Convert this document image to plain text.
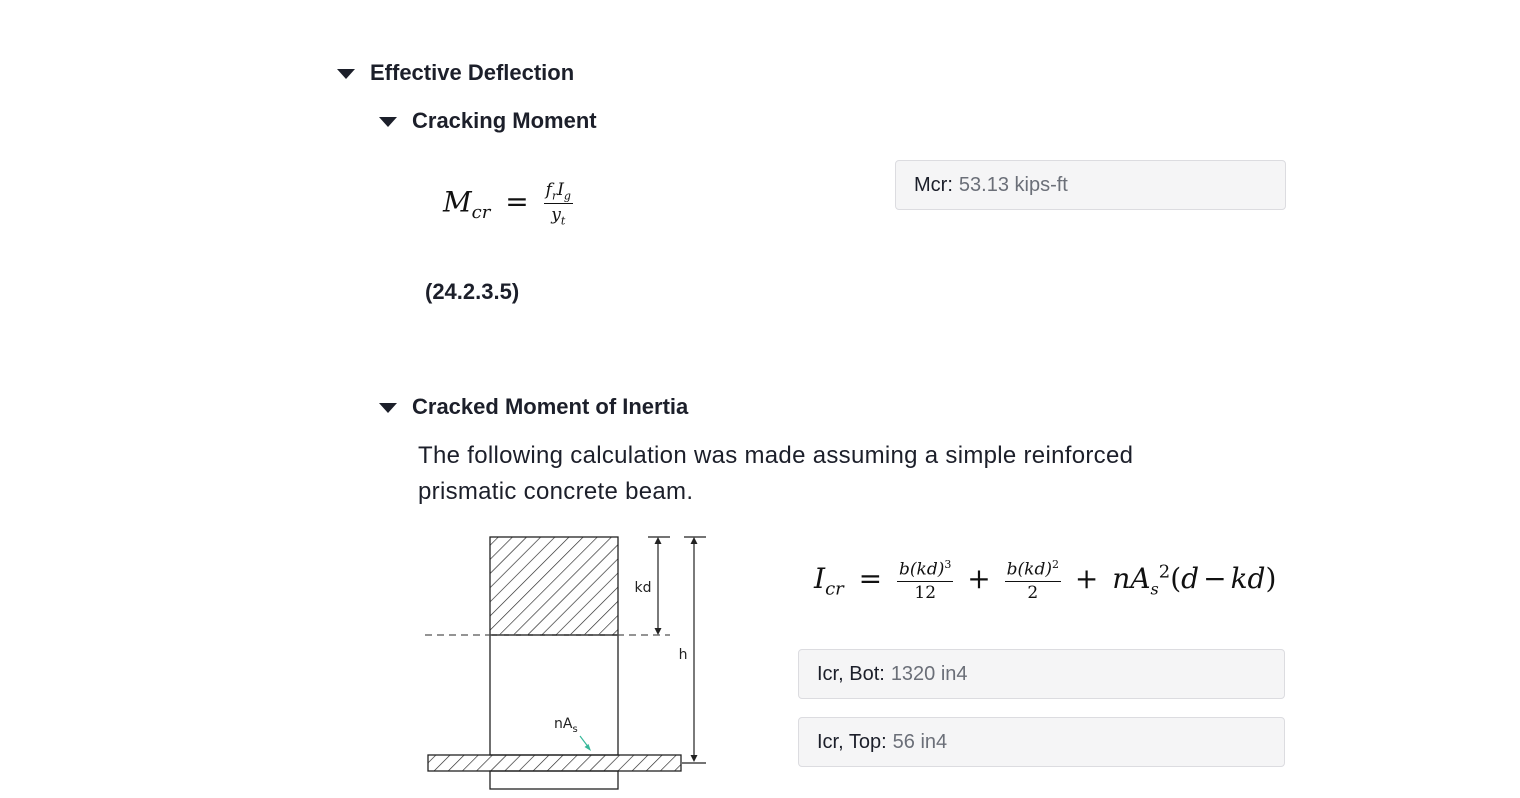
Effective Deflection
Cracking Moment
$M_{cr} = \frac{f_rI_g}{y_t}$	Mcr: 53.13 kips-ft
(24.2.3.5)
Cracked Moment of Inertia
The following calculation was made assuming a simple reinforced prismatic concrete beam.
kd
h
$nA_s$
$I_{cr} = \frac{b(kd)^3}{12} + \frac{b(kd)^2}{2} + nA_s^2(d - kd)$
Icr, Bot: 1320 in4
Icr, Top: 56 in4
